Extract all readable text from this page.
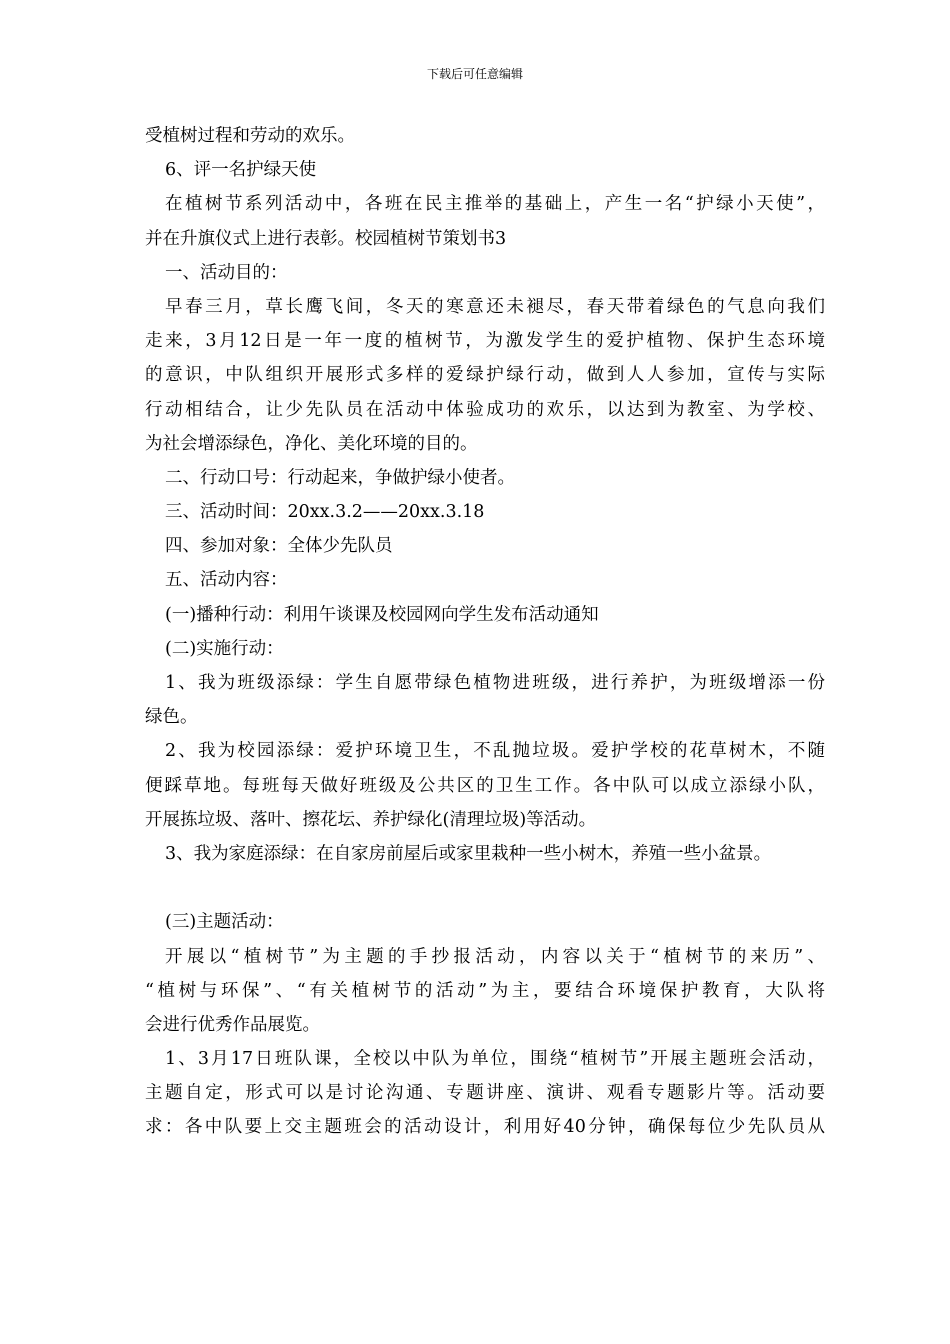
下载后可任意编辑
受植树过程和劳动的欢乐。
6、评一名护绿天使
在植树节系列活动中，各班在民主推举的基础上，产生一名“护绿小天使”，
并在升旗仪式上进行表彰。校园植树节策划书3
一、活动目的：
早春三月，草长鹰飞间，冬天的寒意还未褪尽，春天带着绿色的气息向我们
走来，3月12日是一年一度的植树节，为激发学生的爱护植物、保护生态环境
的意识，中队组织开展形式多样的爱绿护绿行动，做到人人参加，宣传与实际
行动相结合，让少先队员在活动中体验成功的欢乐，以达到为教室、为学校、
为社会增添绿色，净化、美化环境的目的。
二、行动口号：行动起来，争做护绿小使者。
三、活动时间：20xx.3.2——20xx.3.18
四、参加对象：全体少先队员
五、活动内容：
(一)播种行动：利用午谈课及校园网向学生发布活动通知
(二)实施行动：
1、我为班级添绿：学生自愿带绿色植物进班级，进行养护，为班级增添一份
绿色。
2、我为校园添绿：爱护环境卫生，不乱抛垃圾。爱护学校的花草树木，不随
便踩草地。每班每天做好班级及公共区的卫生工作。各中队可以成立添绿小队，
开展拣垃圾、落叶、擦花坛、养护绿化(清理垃圾)等活动。
3、我为家庭添绿：在自家房前屋后或家里栽种一些小树木，养殖一些小盆景。
(三)主题活动：
开展以“植树节”为主题的手抄报活动，内容以关于“植树节的来历”、
“植树与环保”、“有关植树节的活动”为主，要结合环境保护教育，大队将
会进行优秀作品展览。
1、3月17日班队课，全校以中队为单位，围绕“植树节”开展主题班会活动，
主题自定，形式可以是讨论沟通、专题讲座、演讲、观看专题影片等。活动要
求：各中队要上交主题班会的活动设计，利用好40分钟，确保每位少先队员从
